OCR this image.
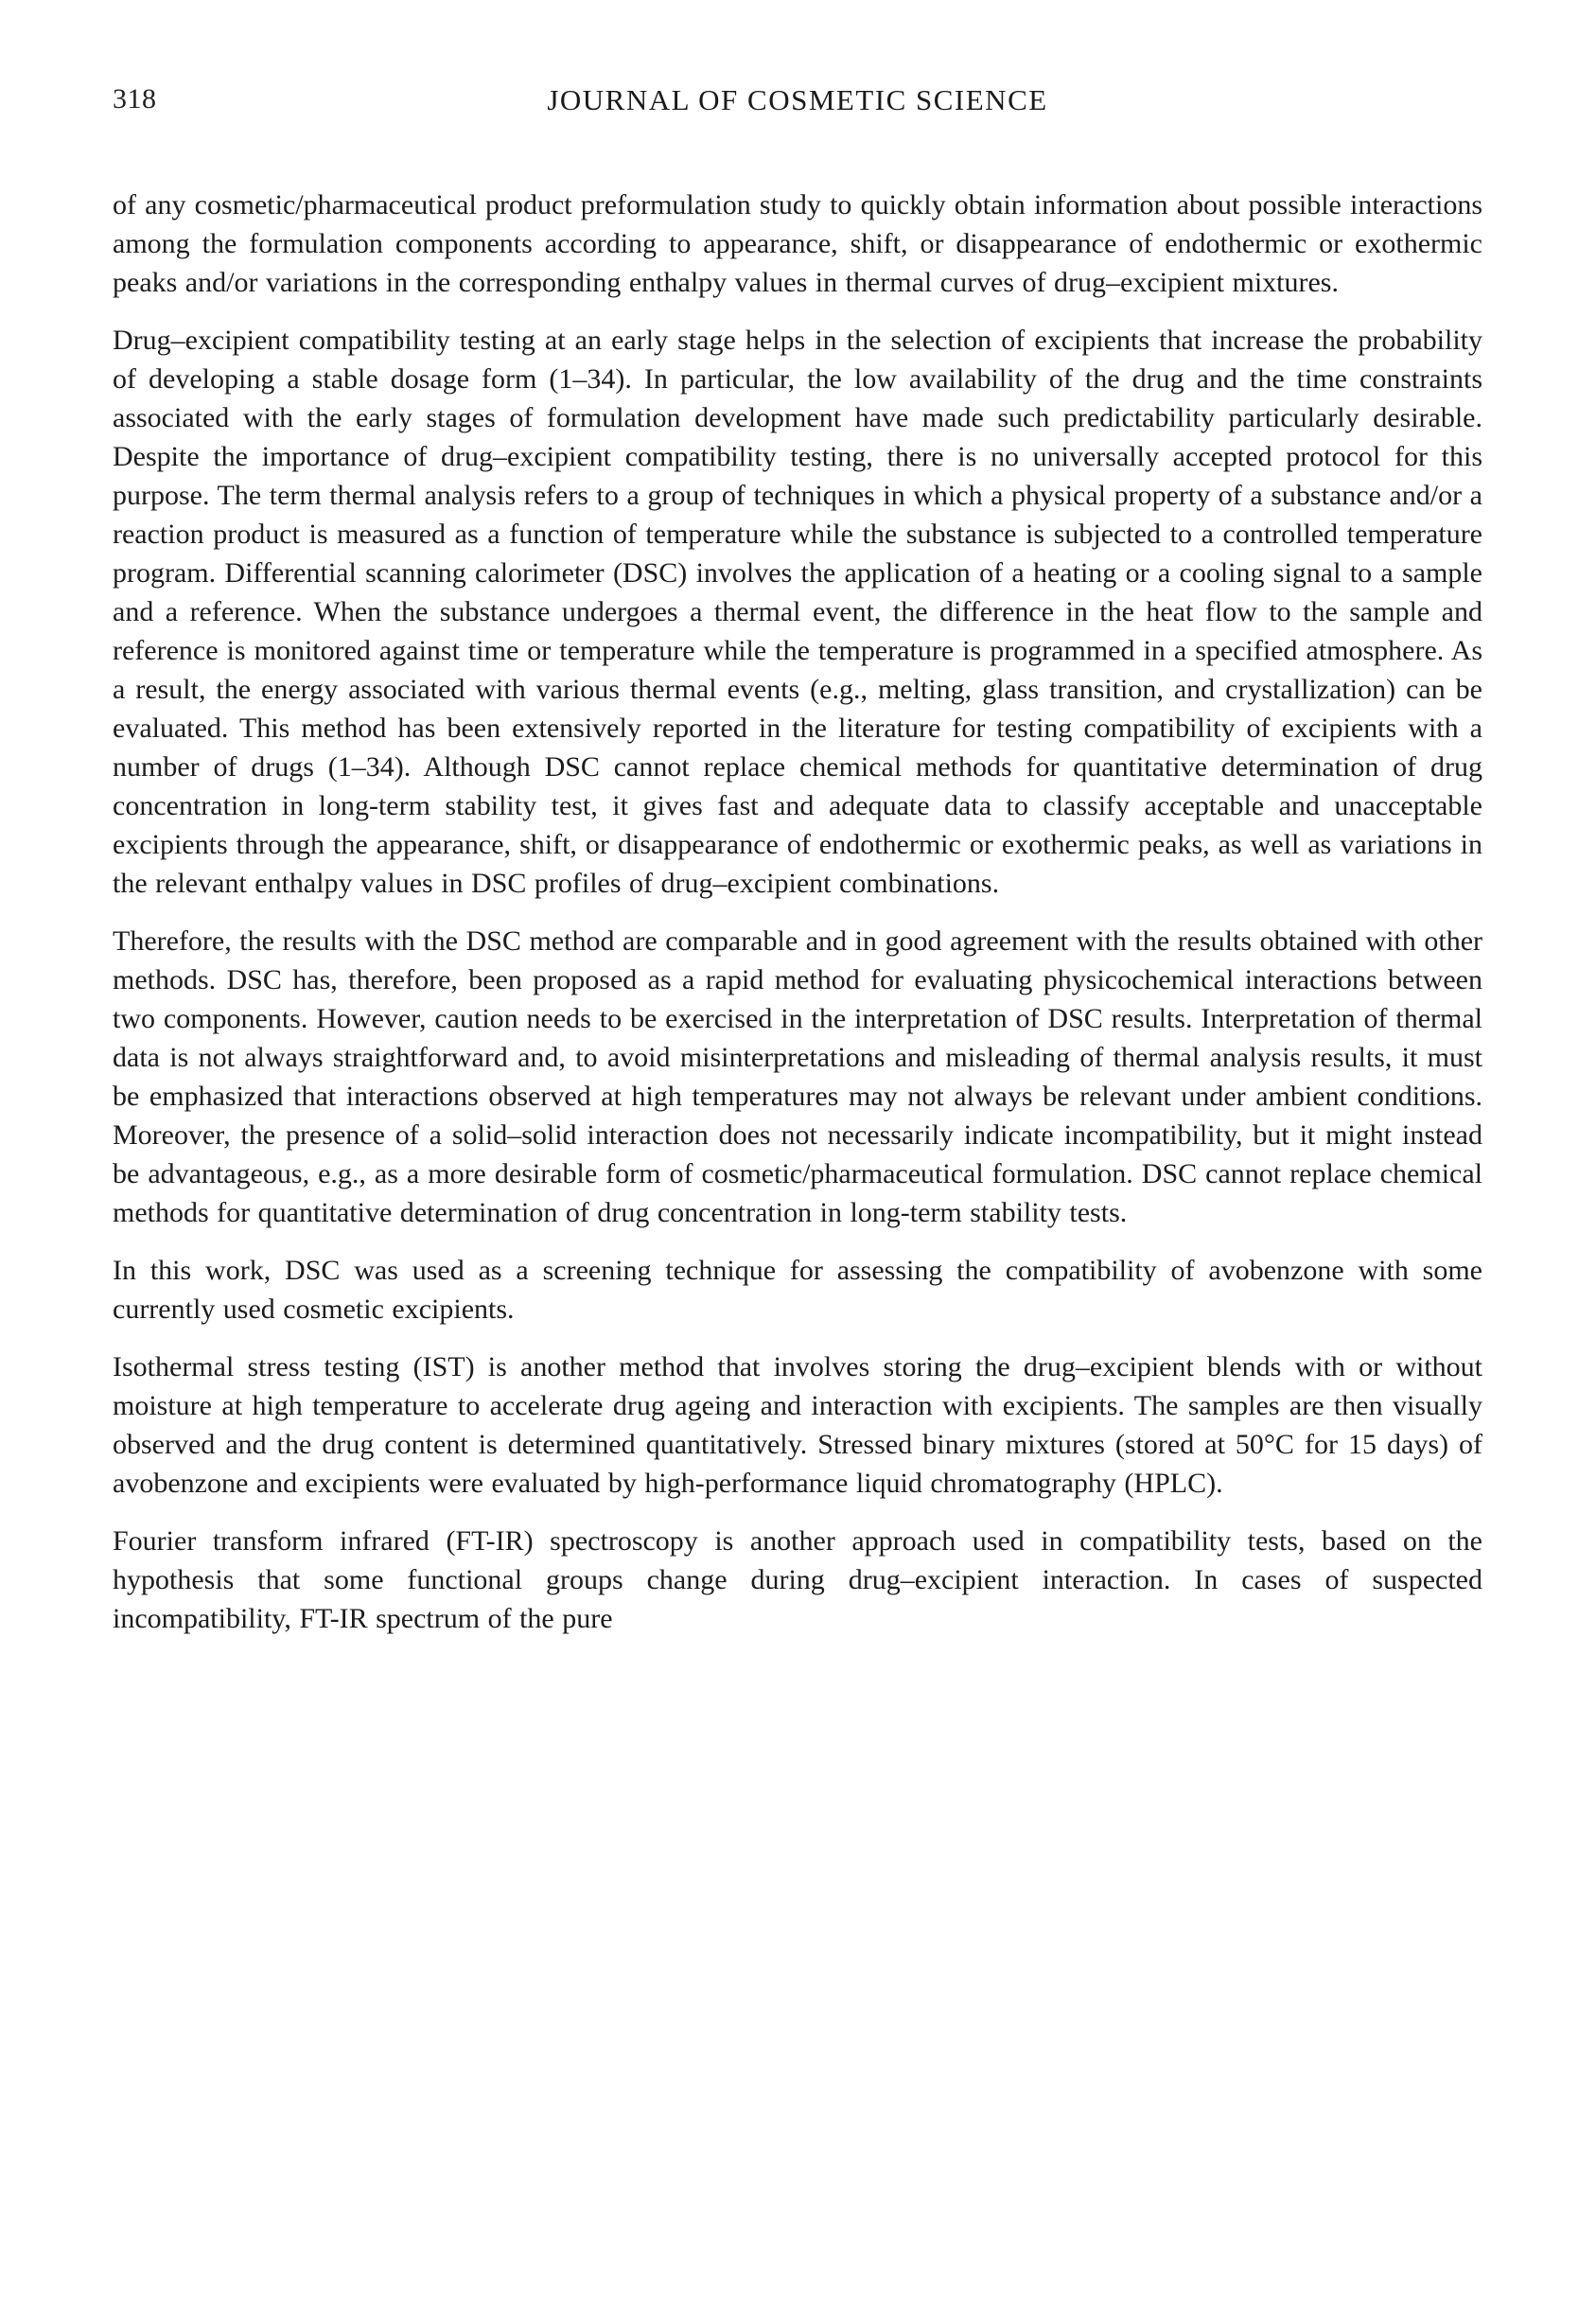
318	JOURNAL OF COSMETIC SCIENCE

of any cosmetic/pharmaceutical product preformulation study to quickly obtain information about possible interactions among the formulation components according to appearance, shift, or disappearance of endothermic or exothermic peaks and/or variations in the corresponding enthalpy values in thermal curves of drug–excipient mixtures.

Drug–excipient compatibility testing at an early stage helps in the selection of excipients that increase the probability of developing a stable dosage form (1–34). In particular, the low availability of the drug and the time constraints associated with the early stages of formulation development have made such predictability particularly desirable. Despite the importance of drug–excipient compatibility testing, there is no universally accepted protocol for this purpose. The term thermal analysis refers to a group of techniques in which a physical property of a substance and/or a reaction product is measured as a function of temperature while the substance is subjected to a controlled temperature program. Differential scanning calorimeter (DSC) involves the application of a heating or a cooling signal to a sample and a reference. When the substance undergoes a thermal event, the difference in the heat flow to the sample and reference is monitored against time or temperature while the temperature is programmed in a specified atmosphere. As a result, the energy associated with various thermal events (e.g., melting, glass transition, and crystallization) can be evaluated. This method has been extensively reported in the literature for testing compatibility of excipients with a number of drugs (1–34). Although DSC cannot replace chemical methods for quantitative determination of drug concentration in long-term stability test, it gives fast and adequate data to classify acceptable and unacceptable excipients through the appearance, shift, or disappearance of endothermic or exothermic peaks, as well as variations in the relevant enthalpy values in DSC profiles of drug–excipient combinations.

Therefore, the results with the DSC method are comparable and in good agreement with the results obtained with other methods. DSC has, therefore, been proposed as a rapid method for evaluating physicochemical interactions between two components. However, caution needs to be exercised in the interpretation of DSC results. Interpretation of thermal data is not always straightforward and, to avoid misinterpretations and misleading of thermal analysis results, it must be emphasized that interactions observed at high temperatures may not always be relevant under ambient conditions. Moreover, the presence of a solid–solid interaction does not necessarily indicate incompatibility, but it might instead be advantageous, e.g., as a more desirable form of cosmetic/pharmaceutical formulation. DSC cannot replace chemical methods for quantitative determination of drug concentration in long-term stability tests.

In this work, DSC was used as a screening technique for assessing the compatibility of avobenzone with some currently used cosmetic excipients.

Isothermal stress testing (IST) is another method that involves storing the drug–excipient blends with or without moisture at high temperature to accelerate drug ageing and interaction with excipients. The samples are then visually observed and the drug content is determined quantitatively. Stressed binary mixtures (stored at 50°C for 15 days) of avobenzone and excipients were evaluated by high-performance liquid chromatography (HPLC).

Fourier transform infrared (FT-IR) spectroscopy is another approach used in compatibility tests, based on the hypothesis that some functional groups change during drug–excipient interaction. In cases of suspected incompatibility, FT-IR spectrum of the pure
